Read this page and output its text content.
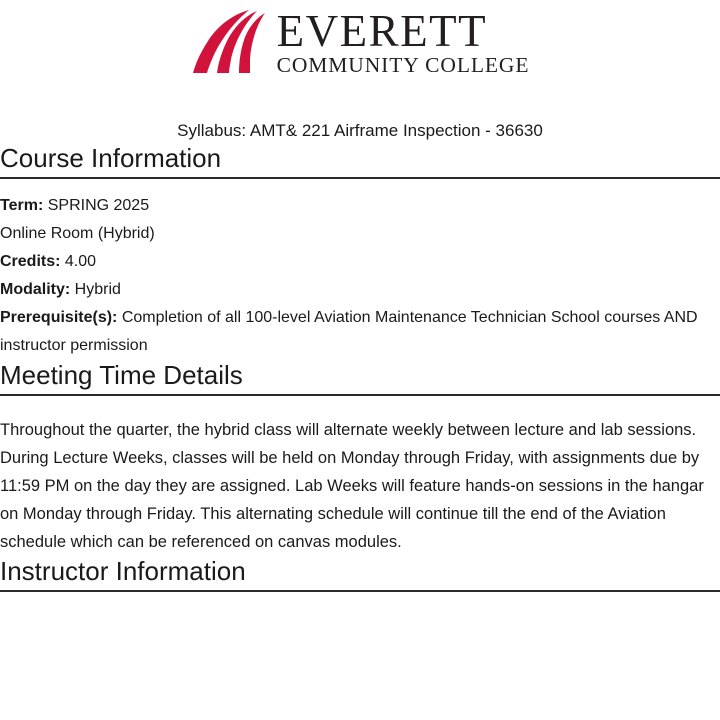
EVERETT
COMMUNITY COLLEGE
Syllabus: AMT& 221 Airframe Inspection - 36630
Course Information
Term: SPRING 2025
Online Room (Hybrid)
Credits: 4.00
Modality: Hybrid
Prerequisite(s): Completion of all 100-level Aviation Maintenance Technician School courses AND instructor permission
Meeting Time Details

Throughout the quarter, the hybrid class will alternate weekly between lecture and lab sessions. During Lecture Weeks, classes will be held on Monday through Friday, with assignments due by 11:59 PM on the day they are assigned. Lab Weeks will feature hands-on sessions in the hangar on Monday through Friday. This alternating schedule will continue till the end of the Aviation schedule which can be referenced on canvas modules.

Instructor Information
